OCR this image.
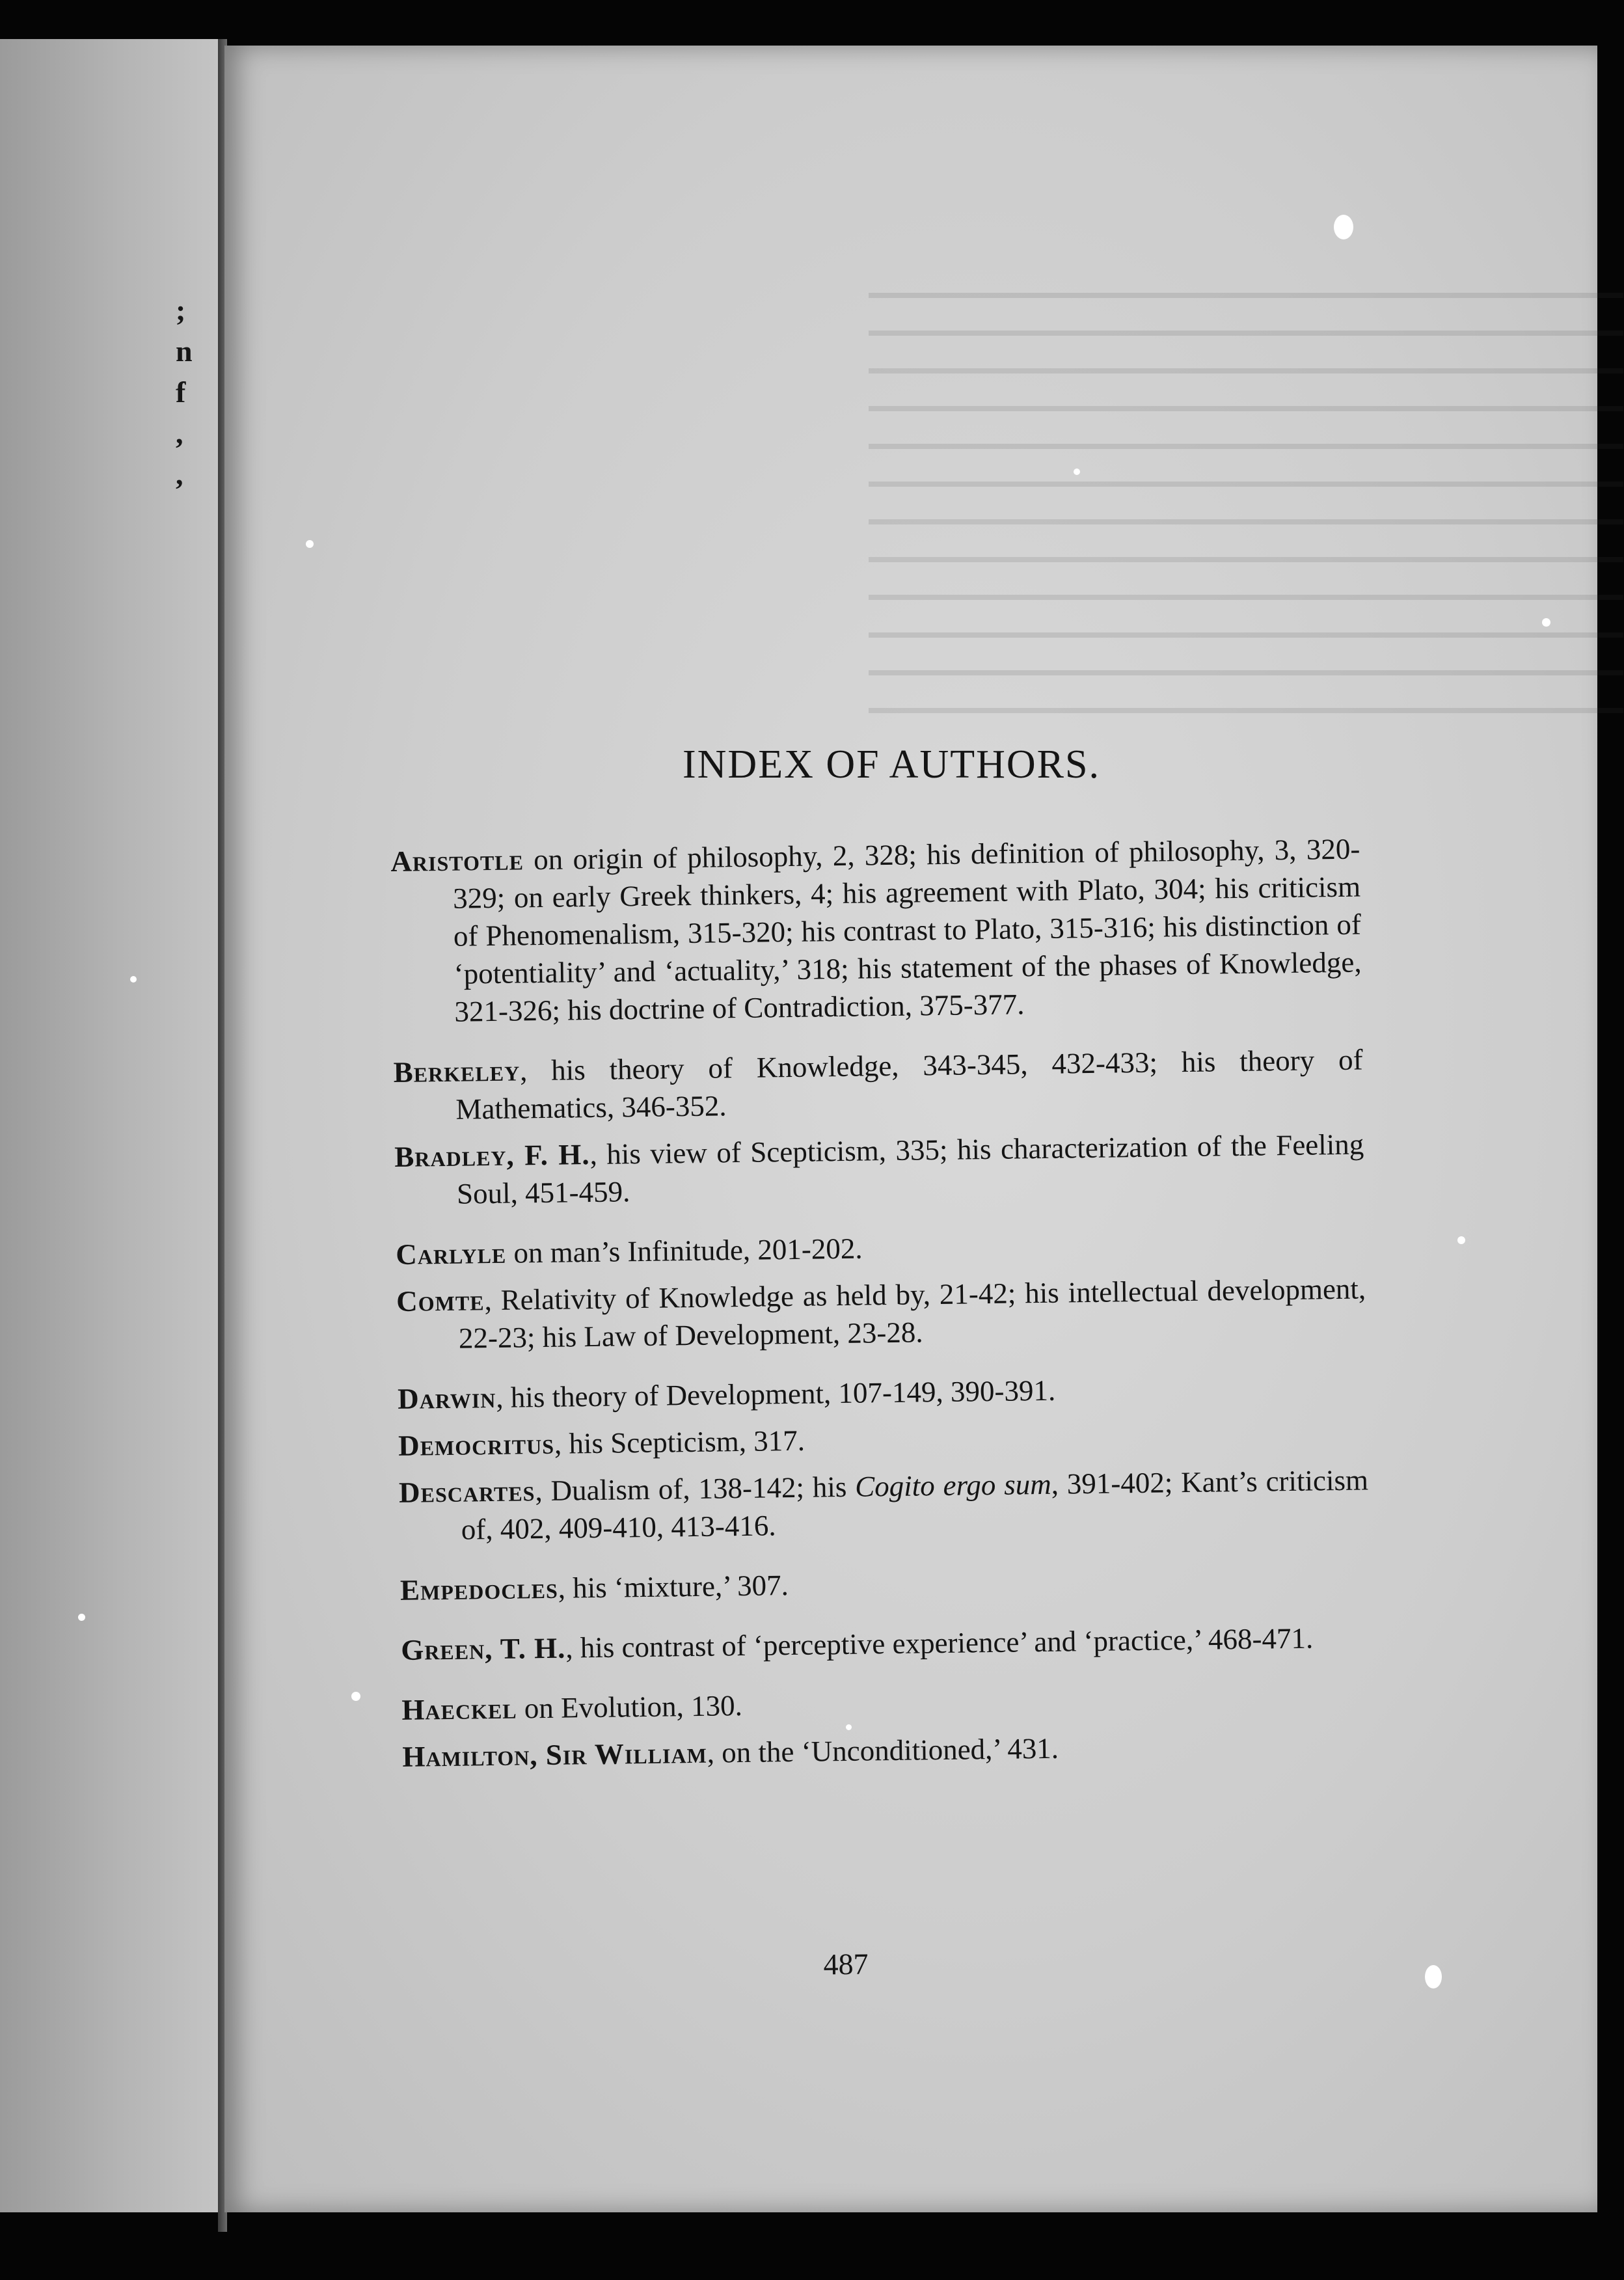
;
n
f
,
,
INDEX OF AUTHORS.
Aristotle on origin of philosophy, 2, 328; his definition of philosophy, 3, 320-329; on early Greek thinkers, 4; his agreement with Plato, 304; his criticism of Phenomenalism, 315-320; his contrast to Plato, 315-316; his distinction of ‘potentiality’ and ‘actuality,’ 318; his statement of the phases of Knowledge, 321-326; his doctrine of Contradiction, 375-377.
Berkeley, his theory of Knowledge, 343-345, 432-433; his theory of Mathematics, 346-352.
Bradley, F. H., his view of Scepticism, 335; his characterization of the Feeling Soul, 451-459.
Carlyle on man’s Infinitude, 201-202.
Comte, Relativity of Knowledge as held by, 21-42; his intellectual development, 22-23; his Law of Development, 23-28.
Darwin, his theory of Development, 107-149, 390-391.
Democritus, his Scepticism, 317.
Descartes, Dualism of, 138-142; his Cogito ergo sum, 391-402; Kant’s criticism of, 402, 409-410, 413-416.
Empedocles, his ‘mixture,’ 307.
Green, T. H., his contrast of ‘perceptive experience’ and ‘practice,’ 468-471.
Haeckel on Evolution, 130.
Hamilton, Sir William, on the ‘Unconditioned,’ 431.
487
